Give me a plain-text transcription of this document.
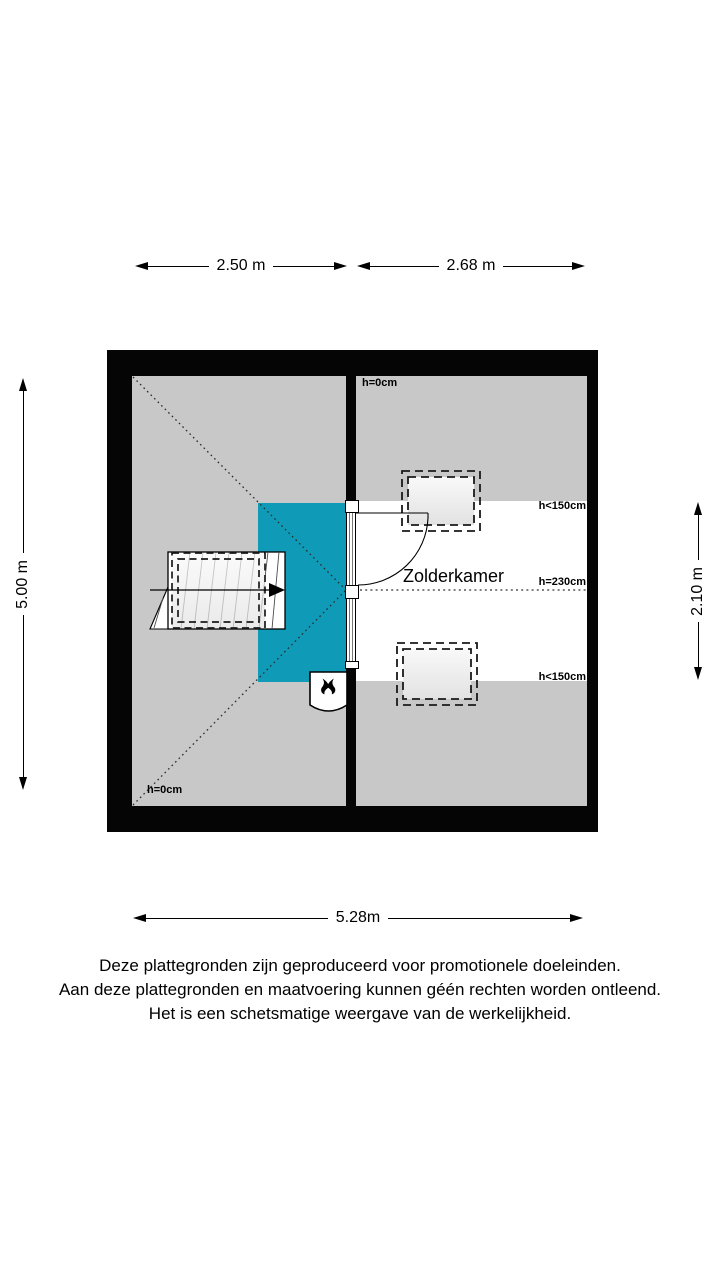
2.50 m	2.68 m
5.00 m	2.10 m
5.28m
h=0cm
h=0cm
h<150cm
h=230cm
h<150cm
Zolderkamer
Deze plattegronden zijn geproduceerd voor promotionele doeleinden.
Aan deze plattegronden en maatvoering kunnen géén rechten worden ontleend.
Het is een schetsmatige weergave van de werkelijkheid.
